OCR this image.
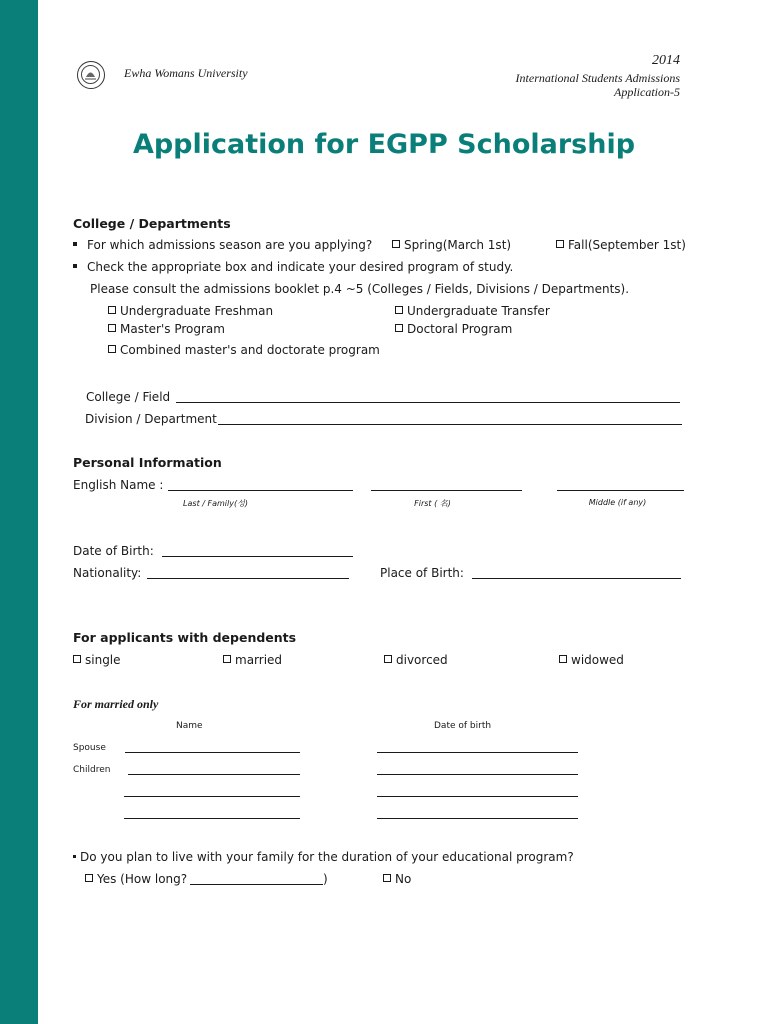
Ewha Womans University
2014
International Students Admissions
Application-5
Application for EGPP Scholarship
College / Departments
For which admissions season are you applying?	Spring(March 1st)	Fall(September 1st)
Check the appropriate box and indicate your desired program of study.
Please consult the admissions booklet p.4 ~5 (Colleges / Fields, Divisions / Departments).
Undergraduate Freshman	Undergraduate Transfer
Master's Program	Doctoral Program
Combined master's and doctorate program
College / Field
Division / Department
Personal Information
English Name :
Last / Family(성)	First ( 名)	Middle (if any)
Date of Birth:
Nationality:	Place of Birth:
For applicants with dependents
single	married	divorced	widowed
For married only
Name	Date of birth
Spouse
Children
Do you plan to live with your family for the duration of your educational program?
Yes (How long?	)	No
